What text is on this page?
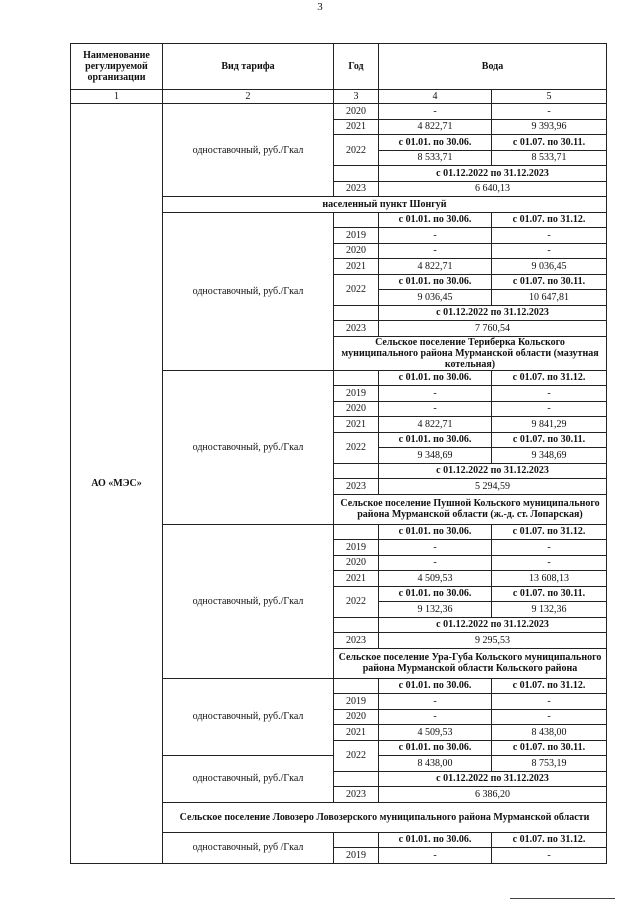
3
Наименование регулируемой организации	Вид тарифа	Год	Вода	
1	2	3	4	5
АО «МЭС»	одноставочный, руб./Гкал	2020	-	-
		2021	4 822,71	9 393,96
		2022	с 01.01. по 30.06.	с 01.07. по 30.11.
			8 533,71	8 533,71
			с 01.12.2022 по 31.12.2023	
		2023	6 640,13	
	населенный пункт Шонгуй			
	одноставочный, руб./Гкал		с 01.01. по 30.06.	с 01.07. по 31.12.
		2019	-	-
		2020	-	-
		2021	4 822,71	9 036,45
		2022	с 01.01. по 30.06.	с 01.07. по 30.11.
			9 036,45	10 647,81
			с 01.12.2022 по 31.12.2023	
		2023	7 760,54	
		Сельское поселение Териберка Кольского муниципального района Мурманской области (мазутная котельная)		
	одноставочный, руб./Гкал		с 01.01. по 30.06.	с 01.07. по 31.12.
		2019	-	-
		2020	-	-
		2021	4 822,71	9 841,29
		2022	с 01.01. по 30.06.	с 01.07. по 30.11.
			9 348,69	9 348,69
			с 01.12.2022 по 31.12.2023	
		2023	5 294,59	
		Сельское поселение Пушной Кольского муниципального района Мурманской области (ж.-д. ст. Лопарская)		
	одноставочный, руб./Гкал		с 01.01. по 30.06.	с 01.07. по 31.12.
		2019	-	-
		2020	-	-
		2021	4 509,53	13 608,13
		2022	с 01.01. по 30.06.	с 01.07. по 30.11.
			9 132,36	9 132,36
			с 01.12.2022 по 31.12.2023	
		2023	9 295,53	
		Сельское поселение Ура-Губа Кольского муниципального района Мурманской области Кольского района		
	одноставочный, руб./Гкал		с 01.01. по 30.06.	с 01.07. по 31.12.
		2019	-	-
		2020	-	-
		2021	4 509,53	8 438,00
		2022	с 01.01. по 30.06.	с 01.07. по 30.11.
	одноставочный, руб./Гкал		8 438,00	8 753,19
			с 01.12.2022 по 31.12.2023	
		2023	6 386,20	
	Сельское поселение Ловозеро Ловозерского муниципального района Мурманской области			
	одноставочный, руб /Гкал		с 01.01. по 30.06.	с 01.07. по 31.12.
		2019	-	-
